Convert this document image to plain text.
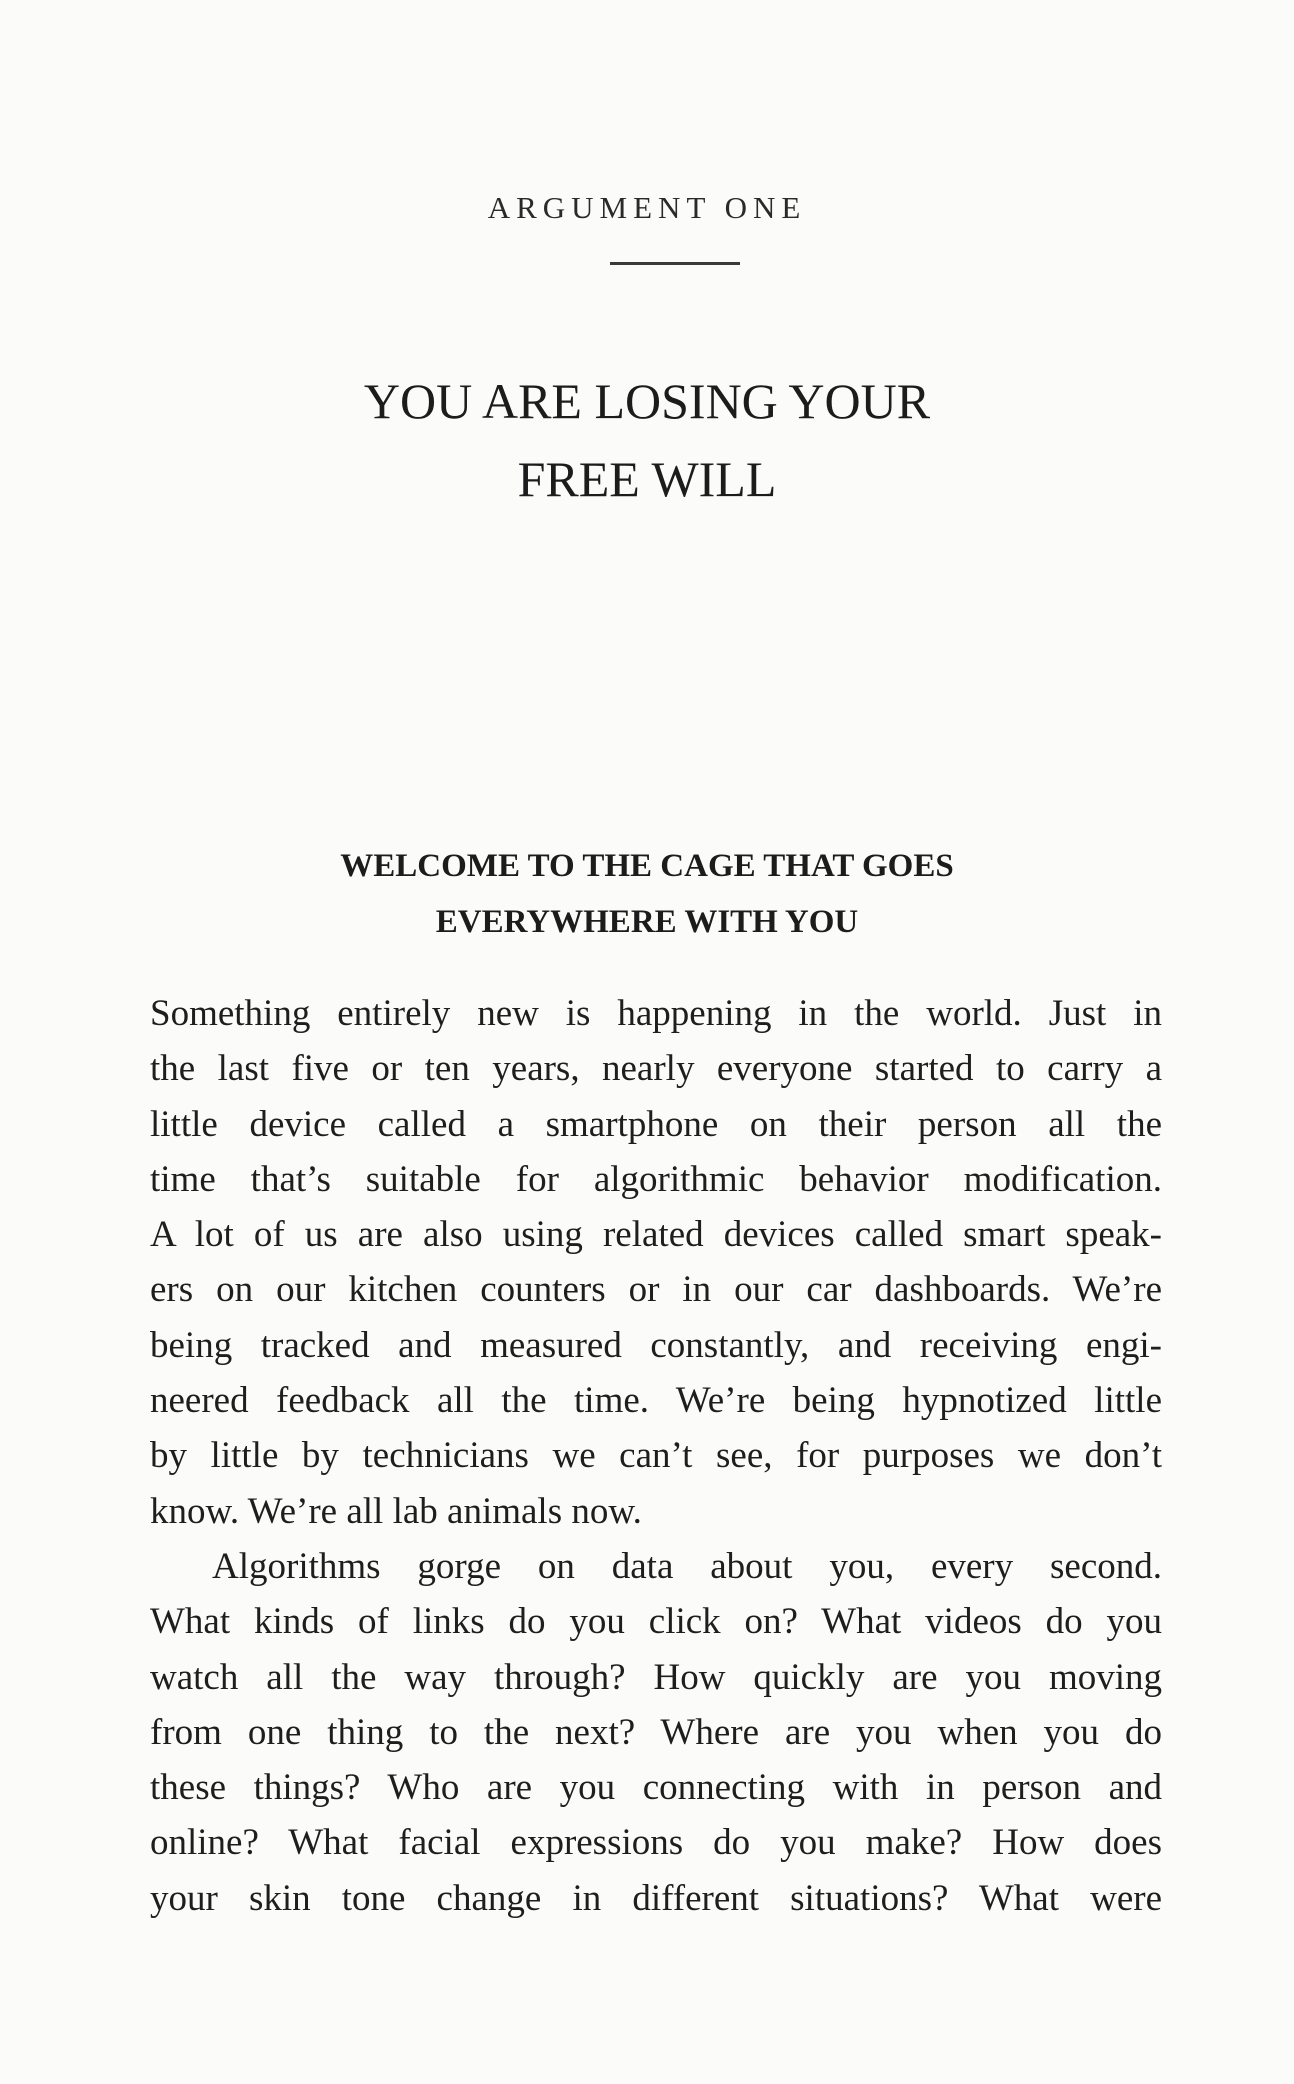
ARGUMENT ONE
YOU ARE LOSING YOUR
FREE WILL
WELCOME TO THE CAGE THAT GOES
EVERYWHERE WITH YOU
Something entirely new is happening in the world. Just in
the last five or ten years, nearly everyone started to carry a
little device called a smartphone on their person all the
time that’s suitable for algorithmic behavior modification.
A lot of us are also using related devices called smart speak-
ers on our kitchen counters or in our car dashboards. We’re
being tracked and measured constantly, and receiving engi-
neered feedback all the time. We’re being hypnotized little
by little by technicians we can’t see, for purposes we don’t
know. We’re all lab animals now.
Algorithms gorge on data about you, every second.
What kinds of links do you click on? What videos do you
watch all the way through? How quickly are you moving
from one thing to the next? Where are you when you do
these things? Who are you connecting with in person and
online? What facial expressions do you make? How does
your skin tone change in different situations? What were
